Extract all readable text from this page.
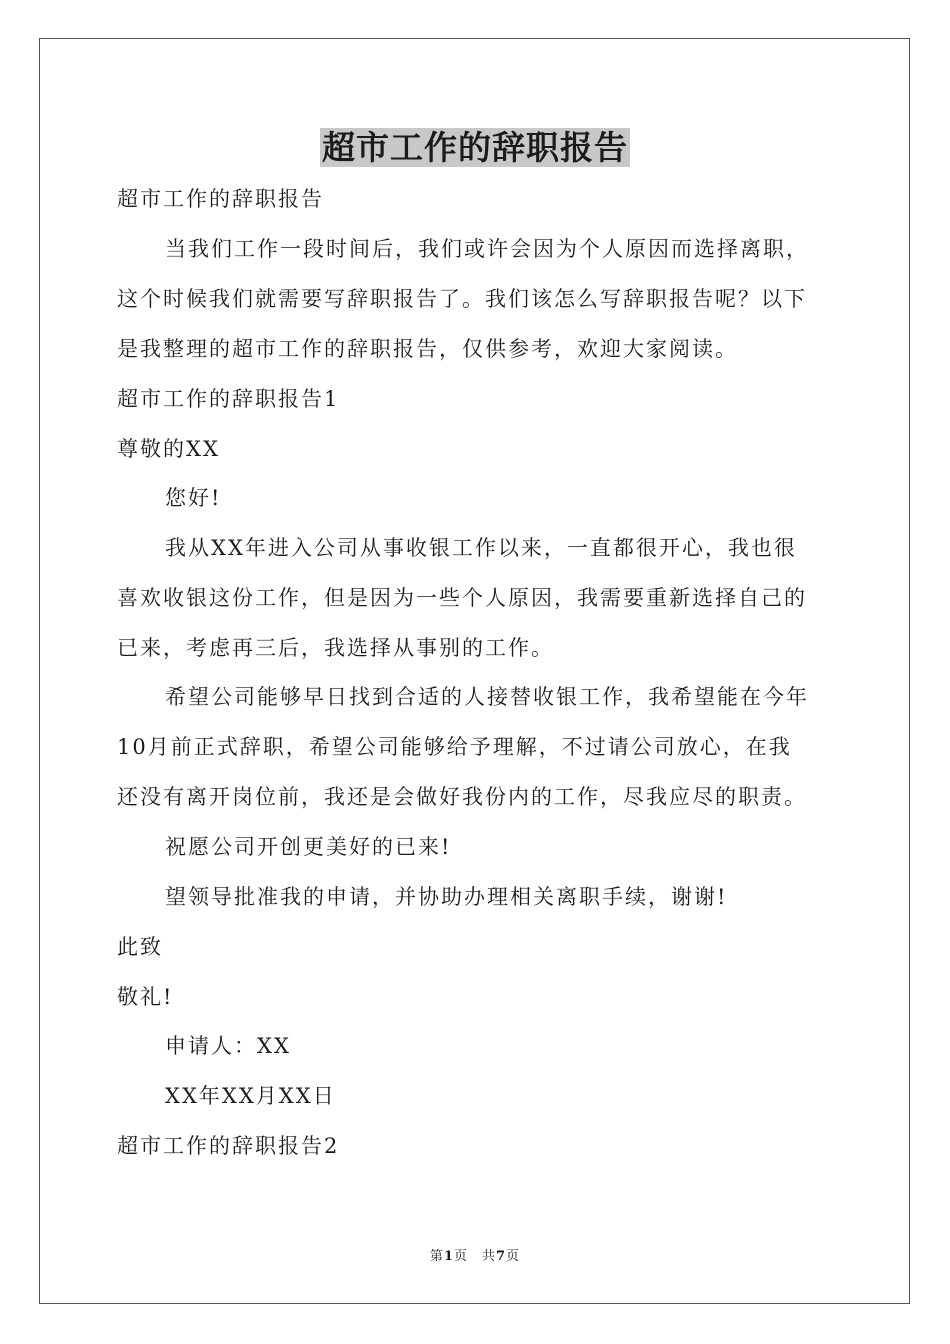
超市工作的辞职报告
超市工作的辞职报告
当我们工作一段时间后，我们或许会因为个人原因而选择离职，
这个时候我们就需要写辞职报告了。我们该怎么写辞职报告呢？以下
是我整理的超市工作的辞职报告，仅供参考，欢迎大家阅读。
超市工作的辞职报告1
尊敬的XX
您好!
我从XX年进入公司从事收银工作以来，一直都很开心，我也很
喜欢收银这份工作，但是因为一些个人原因，我需要重新选择自己的
已来，考虑再三后，我选择从事别的工作。
希望公司能够早日找到合适的人接替收银工作，我希望能在今年
10月前正式辞职，希望公司能够给予理解，不过请公司放心，在我
还没有离开岗位前，我还是会做好我份内的工作，尽我应尽的职责。
祝愿公司开创更美好的已来!
望领导批准我的申请，并协助办理相关离职手续，谢谢!
此致
敬礼!
申请人：XX
XX年XX月XX日
超市工作的辞职报告2
第1页　共7页
